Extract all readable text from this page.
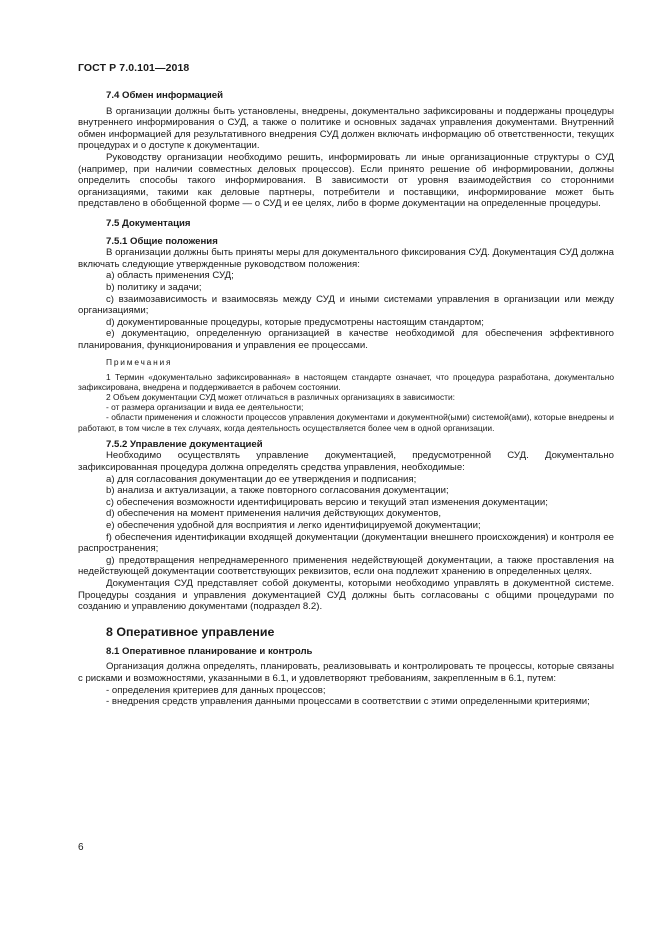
ГОСТ Р 7.0.101—2018
7.4 Обмен информацией

В организации должны быть установлены, внедрены, документально зафиксированы и поддержаны процедуры внутреннего информирования о СУД, а также о политике и основных задачах управления документами. Внутренний обмен информацией для результативного внедрения СУД должен включать информацию об ответственности, текущих процедурах и о доступе к документации.

Руководству организации необходимо решить, информировать ли иные организационные структуры о СУД (например, при наличии совместных деловых процессов). Если принято решение об информировании, должны определить способы такого информирования. В зависимости от уровня взаимодействия со сторонними организациями, такими как деловые партнеры, потребители и поставщики, информирование может быть представлено в обобщенной форме — о СУД и ее целях, либо в форме документации на определенные процедуры.

7.5 Документация
7.5.1 Общие положения

В организации должны быть приняты меры для документального фиксирования СУД. Документация СУД должна включать следующие утвержденные руководством положения:

a) область применения СУД;

b) политику и задачи;

c) взаимозависимость и взаимосвязь между СУД и иными системами управления в организации или между организациями;

d) документированные процедуры, которые предусмотрены настоящим стандартом;

e) документацию, определенную организацией в качестве необходимой для обеспечения эффективного планирования, функционирования и управления ее процессами.

Примечания

1 Термин «документально зафиксированная» в настоящем стандарте означает, что процедура разработана, документально зафиксирована, внедрена и поддерживается в рабочем состоянии.

2 Объем документации СУД может отличаться в различных организациях в зависимости:

- от размера организации и вида ее деятельности;

- области применения и сложности процессов управления документами и документной(ыми) системой(ами), которые внедрены и работают, в том числе в тех случаях, когда деятельность осуществляется более чем в одной организации.

7.5.2 Управление документацией

Необходимо осуществлять управление документацией, предусмотренной СУД. Документально зафиксированная процедура должна определять средства управления, необходимые:

a) для согласования документации до ее утверждения и подписания;

b) анализа и актуализации, а также повторного согласования документации;

c) обеспечения возможности идентифицировать версию и текущий этап изменения документации;

d) обеспечения на момент применения наличия действующих документов,

e) обеспечения удобной для восприятия и легко идентифицируемой документации;

f) обеспечения идентификации входящей документации (документации внешнего происхождения) и контроля ее распространения;

g) предотвращения непреднамеренного применения недействующей документации, а также проставления на недействующей документации соответствующих реквизитов, если она подлежит хранению в определенных целях.

Документация СУД представляет собой документы, которыми необходимо управлять в документной системе. Процедуры создания и управления документацией СУД должны быть согласованы с общими процедурами по созданию и управлению документами (подраздел 8.2).

8 Оперативное управление
8.1 Оперативное планирование и контроль

Организация должна определять, планировать, реализовывать и контролировать те процессы, которые связаны с рисками и возможностями, указанными в 6.1, и удовлетворяют требованиям, закрепленным в 6.1, путем:

- определения критериев для данных процессов;

- внедрения средств управления данными процессами в соответствии с этими определенными критериями;

6
